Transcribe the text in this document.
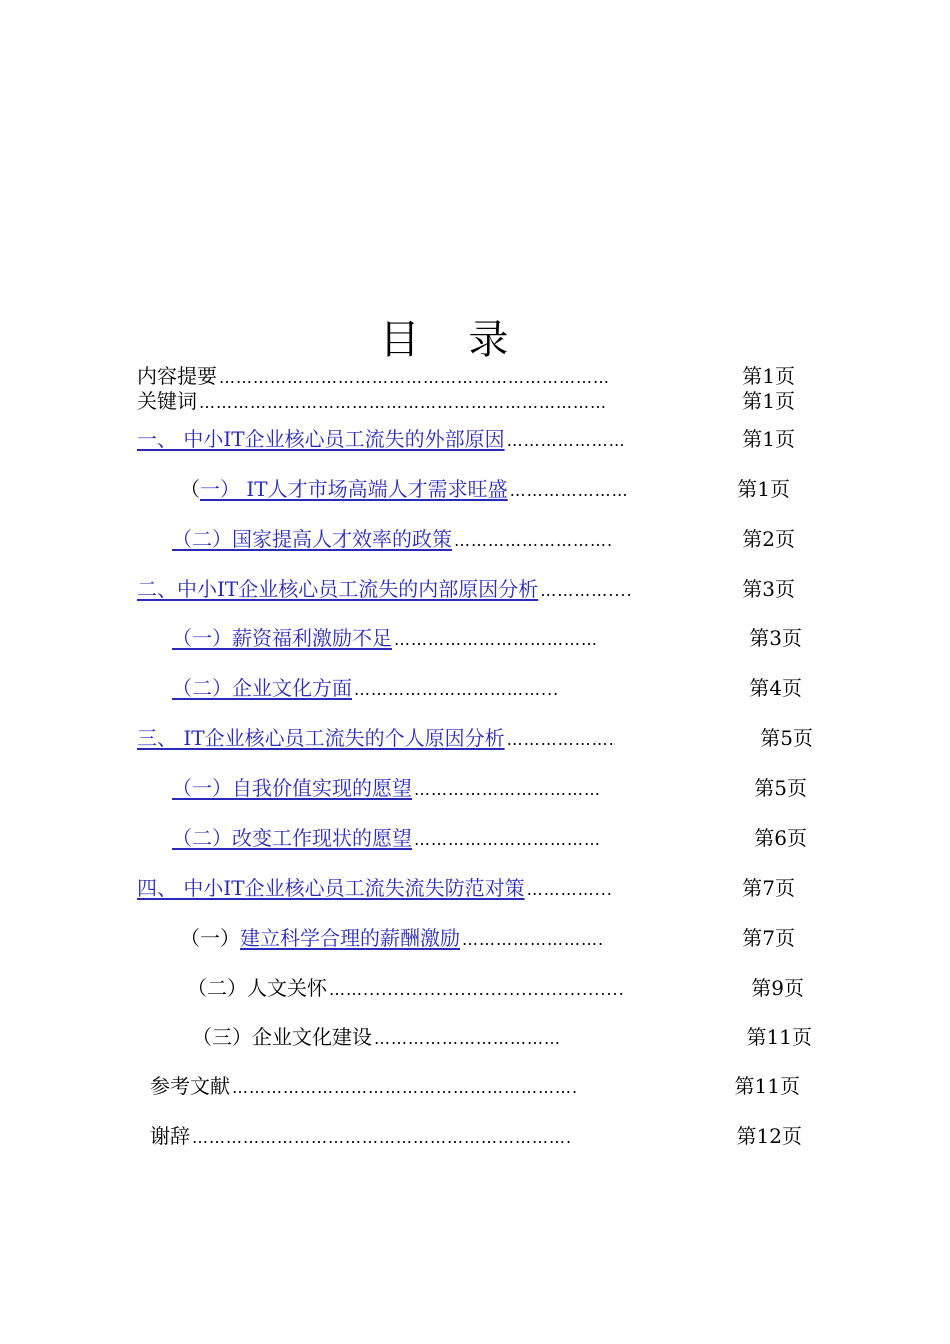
目 录
内容提要 ……………………………………………………………	第1页
关键词 ………………………………………………………………	第1页
一、 中小IT企业核心员工流失的外部原因 …………………	第1页
（ 一） IT人才市场高端人才需求旺盛 …………………	第1页
（二）国家提高人才效率的政策 ……………………….	第2页
二、中小IT企业核心员工流失的内部原因分析 …………....	第3页
（一）薪资福利激励不足 ………………………………	第3页
（二）企业文化方面 ……………………………...	第4页
三、 IT企业核心员工流失的个人原因分析 ……………….	第5页
（一）自我价值实现的愿望 ……………………………	第5页
（二）改变工作现状的愿望 ……………………………	第6页
四、 中小IT企业核心员工流失流失防范对策 …………...	第7页
（一） 建立科学合理的薪酬激励 …………………….	第7页
（二）人文关怀 ……...........................................	第9页
（三）企业文化建设 ……………………………	第11页
参考文献 …………………………………………………….	第11页
谢辞 ………………………………………………………….	第12页
